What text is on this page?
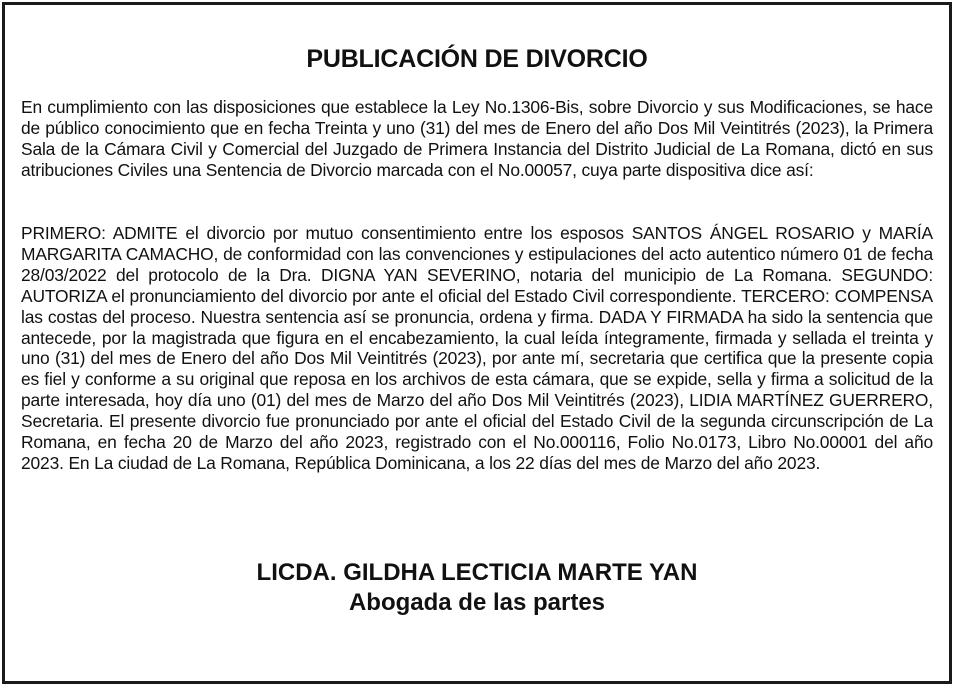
PUBLICACIÓN DE DIVORCIO

En cumplimiento con las disposiciones que establece la Ley No.1306-Bis, sobre Divorcio y sus Modificaciones, se hace de público conocimiento que en fecha Treinta y uno (31) del mes de Enero del año Dos Mil Veintitrés (2023), la Primera Sala de la Cámara Civil y Comercial del Juzgado de Primera Instancia del Distrito Judicial de La Romana, dictó en sus atribuciones Civiles una Sentencia de Divorcio marcada con el No.00057, cuya parte dispositiva dice así:

PRIMERO: ADMITE el divorcio por mutuo consentimiento entre los esposos SANTOS ÁNGEL ROSARIO y MARÍA MARGARITA CAMACHO, de conformidad con las convenciones y estipulaciones del acto autentico número 01 de fecha 28/03/2022 del protocolo de la Dra. DIGNA YAN SEVERINO, notaria del municipio de La Romana. SEGUNDO: AUTORIZA el pronunciamiento del divorcio por ante el oficial del Estado Civil correspondiente. TERCERO: COMPENSA las costas del proceso. Nuestra sentencia así se pronuncia, ordena y firma. DADA Y FIRMADA ha sido la sentencia que antecede, por la magistrada que figura en el encabezamiento, la cual leída íntegramente, firmada y sellada el treinta y uno (31) del mes de Enero del año Dos Mil Veintitrés (2023), por ante mí, secretaria que certifica que la presente copia es fiel y conforme a su original que reposa en los archivos de esta cámara, que se expide, sella y firma a solicitud de la parte interesada, hoy día uno (01) del mes de Marzo del año Dos Mil Veintitrés (2023), LIDIA MARTÍNEZ GUERRERO, Secretaria. El presente divorcio fue pronunciado por ante el oficial del Estado Civil de la segunda circunscripción de La Romana, en fecha 20 de Marzo del año 2023, registrado con el No.000116, Folio No.0173, Libro No.00001 del año 2023. En La ciudad de La Romana, República Dominicana, a los 22 días del mes de Marzo del año 2023.

LICDA. GILDHA LECTICIA MARTE YAN
Abogada de las partes
